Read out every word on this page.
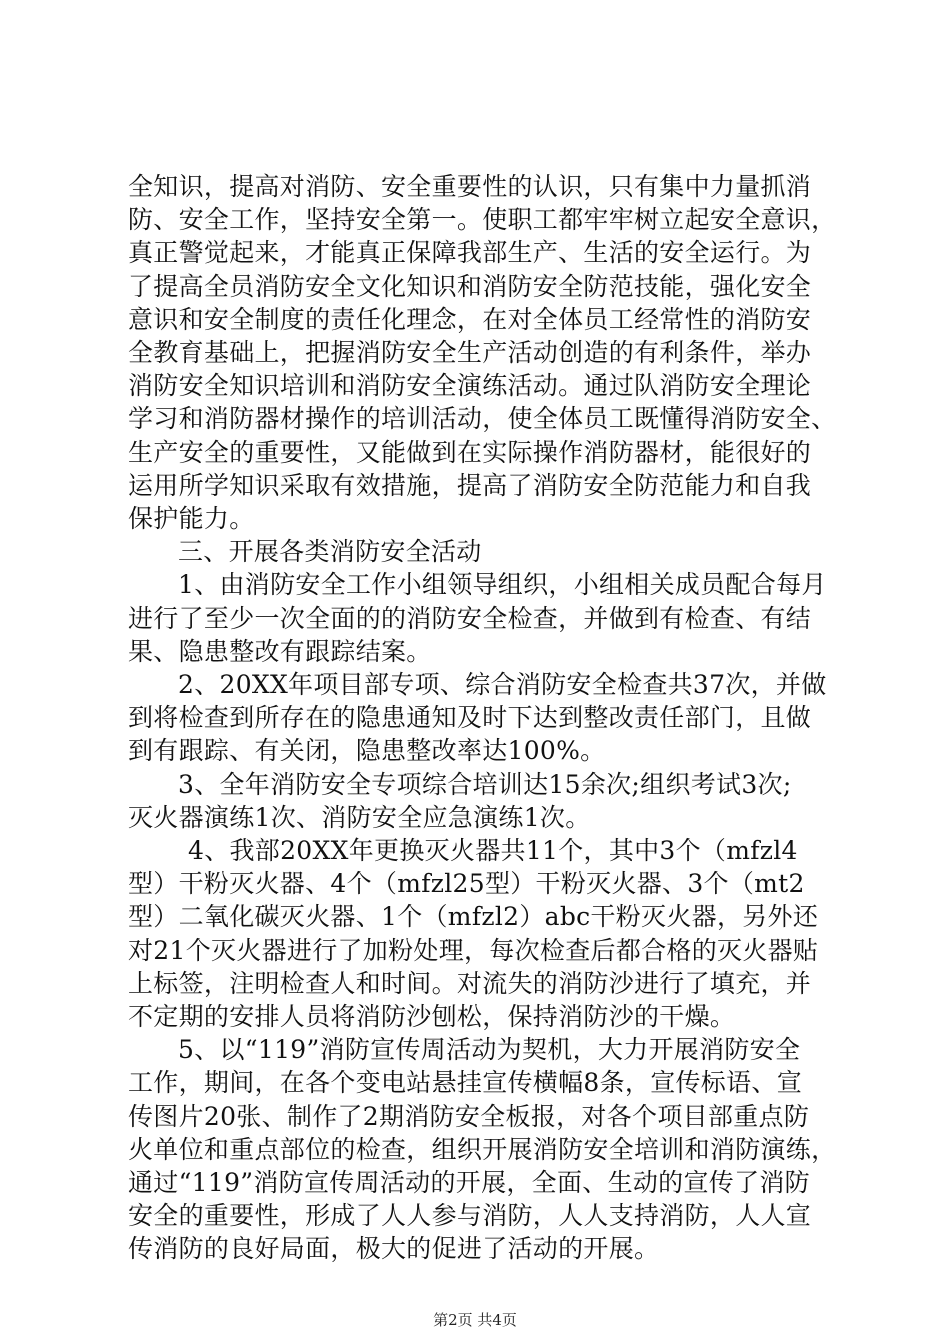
全知识，提高对消防、安全重要性的认识，只有集中力量抓消
防、安全工作，坚持安全第一。使职工都牢牢树立起安全意识，
真正警觉起来，才能真正保障我部生产、生活的安全运行。为
了提高全员消防安全文化知识和消防安全防范技能，强化安全
意识和安全制度的责任化理念，在对全体员工经常性的消防安
全教育基础上，把握消防安全生产活动创造的有利条件，举办
消防安全知识培训和消防安全演练活动。通过队消防安全理论
学习和消防器材操作的培训活动，使全体员工既懂得消防安全、
生产安全的重要性，又能做到在实际操作消防器材，能很好的
运用所学知识采取有效措施，提高了消防安全防范能力和自我
保护能力。
三、开展各类消防安全活动
1、由消防安全工作小组领导组织，小组相关成员配合每月
进行了至少一次全面的的消防安全检查，并做到有检查、有结
果、隐患整改有跟踪结案。
2、20XX年项目部专项、综合消防安全检查共37次，并做
到将检查到所存在的隐患通知及时下达到整改责任部门，且做
到有跟踪、有关闭，隐患整改率达100%。
3、全年消防安全专项综合培训达15余次;组织考试3次;
灭火器演练1次、消防安全应急演练1次。
4、我部20XX年更换灭火器共11个，其中3个（mfzl4
型）干粉灭火器、4个（mfzl25型）干粉灭火器、3个（mt2
型）二氧化碳灭火器、1个（mfzl2）abc干粉灭火器，另外还
对21个灭火器进行了加粉处理，每次检查后都合格的灭火器贴
上标签，注明检查人和时间。对流失的消防沙进行了填充，并
不定期的安排人员将消防沙刨松，保持消防沙的干燥。
5、以“119”消防宣传周活动为契机，大力开展消防安全
工作，期间，在各个变电站悬挂宣传横幅8条，宣传标语、宣
传图片20张、制作了2期消防安全板报，对各个项目部重点防
火单位和重点部位的检查，组织开展消防安全培训和消防演练，
通过“119”消防宣传周活动的开展，全面、生动的宣传了消防
安全的重要性，形成了人人参与消防，人人支持消防，人人宣
传消防的良好局面，极大的促进了活动的开展。
第2页 共4页
